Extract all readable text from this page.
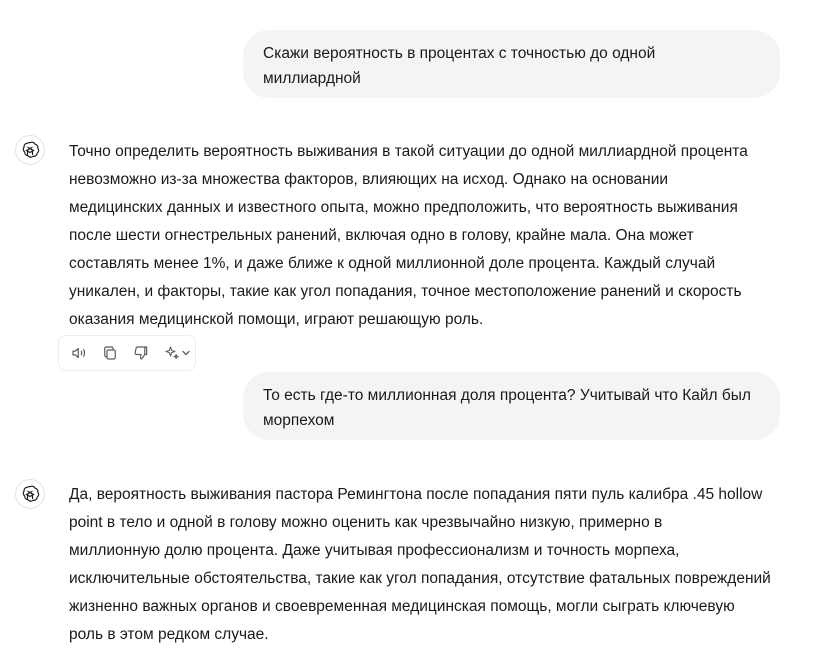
Скажи вероятность в процентах с точностью до одной
миллиардной
Точно определить вероятность выживания в такой ситуации до одной миллиардной процента
невозможно из-за множества факторов, влияющих на исход. Однако на основании
медицинских данных и известного опыта, можно предположить, что вероятность выживания
после шести огнестрельных ранений, включая одно в голову, крайне мала. Она может
составлять менее 1%, и даже ближе к одной миллионной доле процента. Каждый случай
уникален, и факторы, такие как угол попадания, точное местоположение ранений и скорость
оказания медицинской помощи, играют решающую роль.
То есть где-то миллионная доля процента? Учитывай что Кайл был
морпехом
Да, вероятность выживания пастора Ремингтона после попадания пяти пуль калибра .45 hollow
point в тело и одной в голову можно оценить как чрезвычайно низкую, примерно в
миллионную долю процента. Даже учитывая профессионализм и точность морпеха,
исключительные обстоятельства, такие как угол попадания, отсутствие фатальных повреждений
жизненно важных органов и своевременная медицинская помощь, могли сыграть ключевую
роль в этом редком случае.
